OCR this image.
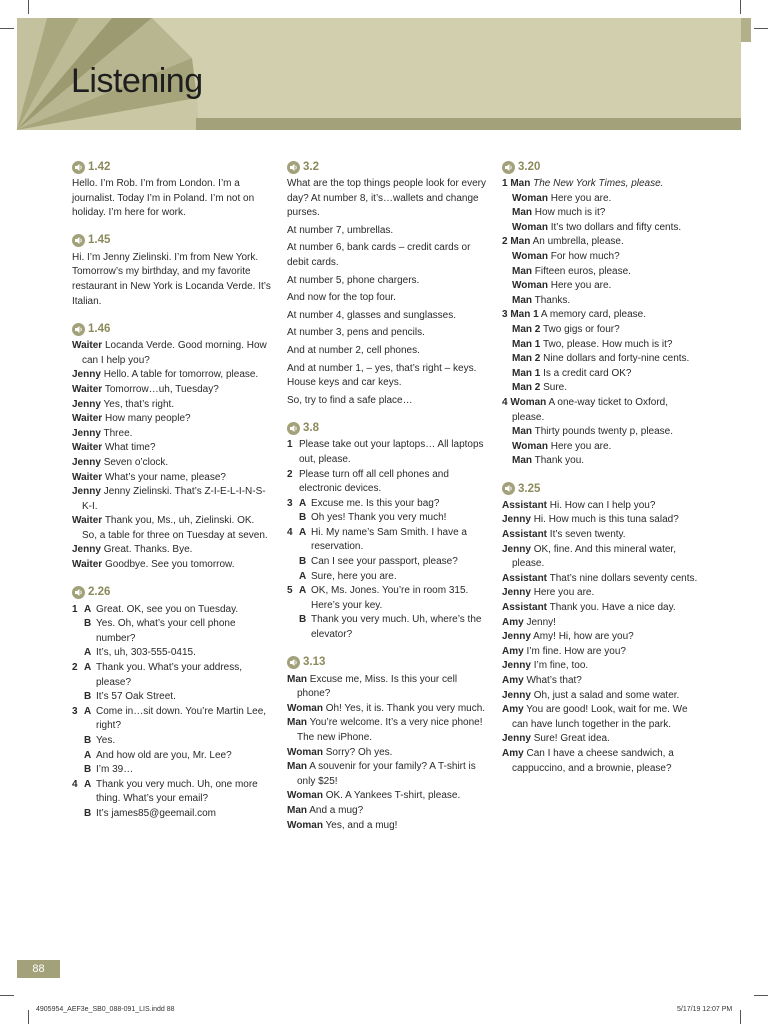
Listening
1.42

Hello. I’m Rob. I’m from London. I’m a journalist. Today I’m in Poland. I’m not on holiday. I’m here for work.

1.45

Hi. I’m Jenny Zielinski. I’m from New York. Tomorrow’s my birthday, and my favorite restaurant in New York is Locanda Verde. It’s Italian.

1.46

Waiter Locanda Verde. Good morning. How can I help you?

Jenny Hello. A table for tomorrow, please.

Waiter Tomorrow…uh, Tuesday?

Jenny Yes, that’s right.

Waiter How many people?

Jenny Three.

Waiter What time?

Jenny Seven o’clock.

Waiter What’s your name, please?

Jenny Jenny Zielinski. That’s Z-I-E-L-I-N-S-K-I.

Waiter Thank you, Ms., uh, Zielinski. OK. So, a table for three on Tuesday at seven.

Jenny Great. Thanks. Bye.

Waiter Goodbye. See you tomorrow.

2.26
1 A Great. OK, see you on Tuesday.
B Yes. Oh, what’s your cell phone number?
A It’s, uh, 303-555-0415.
2 A Thank you. What’s your address, please?
B It’s 57 Oak Street.
3 A Come in…sit down. You’re Martin Lee, right?
B Yes.
A And how old are you, Mr. Lee?
B I’m 39…
4 A Thank you very much. Uh, one more thing. What’s your email?
B It’s james85@geemail.com
3.2

What are the top things people look for every day? At number 8, it’s…wallets and change purses.

At number 7, umbrellas.

At number 6, bank cards – credit cards or debit cards.

At number 5, phone chargers.

And now for the top four.

At number 4, glasses and sunglasses.

At number 3, pens and pencils.

And at number 2, cell phones.

And at number 1, – yes, that’s right – keys. House keys and car keys.

So, try to find a safe place…

3.8
1 Please take out your laptops… All laptops out, please.
2 Please turn off all cell phones and electronic devices.
3 A Excuse me. Is this your bag?
B Oh yes! Thank you very much!
4 A Hi. My name’s Sam Smith. I have a reservation.
B Can I see your passport, please?
A Sure, here you are.
5 A OK, Ms. Jones. You’re in room 315. Here’s your key.
B Thank you very much. Uh, where’s the elevator?
3.13

Man Excuse me, Miss. Is this your cell phone?

Woman Oh! Yes, it is. Thank you very much.

Man You’re welcome. It’s a very nice phone! The new iPhone.

Woman Sorry? Oh yes.

Man A souvenir for your family? A T-shirt is only $25!

Woman OK. A Yankees T-shirt, please.

Man And a mug?

Woman Yes, and a mug!

3.20

1 Man The New York Times, please.

Woman Here you are.

Man How much is it?

Woman It’s two dollars and fifty cents.

2 Man An umbrella, please.

Woman For how much?

Man Fifteen euros, please.

Woman Here you are.

Man Thanks.

3 Man 1 A memory card, please.

Man 2 Two gigs or four?

Man 1 Two, please. How much is it?

Man 2 Nine dollars and forty-nine cents.

Man 1 Is a credit card OK?

Man 2 Sure.

4 Woman A one-way ticket to Oxford, please.

Man Thirty pounds twenty p, please.

Woman Here you are.

Man Thank you.

3.25

Assistant Hi. How can I help you?

Jenny Hi. How much is this tuna salad?

Assistant It’s seven twenty.

Jenny OK, fine. And this mineral water, please.

Assistant That’s nine dollars seventy cents.

Jenny Here you are.

Assistant Thank you. Have a nice day.

Amy Jenny!

Jenny Amy! Hi, how are you?

Amy I’m fine. How are you?

Jenny I’m fine, too.

Amy What’s that?

Jenny Oh, just a salad and some water.

Amy You are good! Look, wait for me. We can have lunch together in the park.

Jenny Sure! Great idea.

Amy Can I have a cheese sandwich, a cappuccino, and a brownie, please?

88
4905954_AEF3e_SB0_088-091_LIS.indd 88	5/17/19 12:07 PM
